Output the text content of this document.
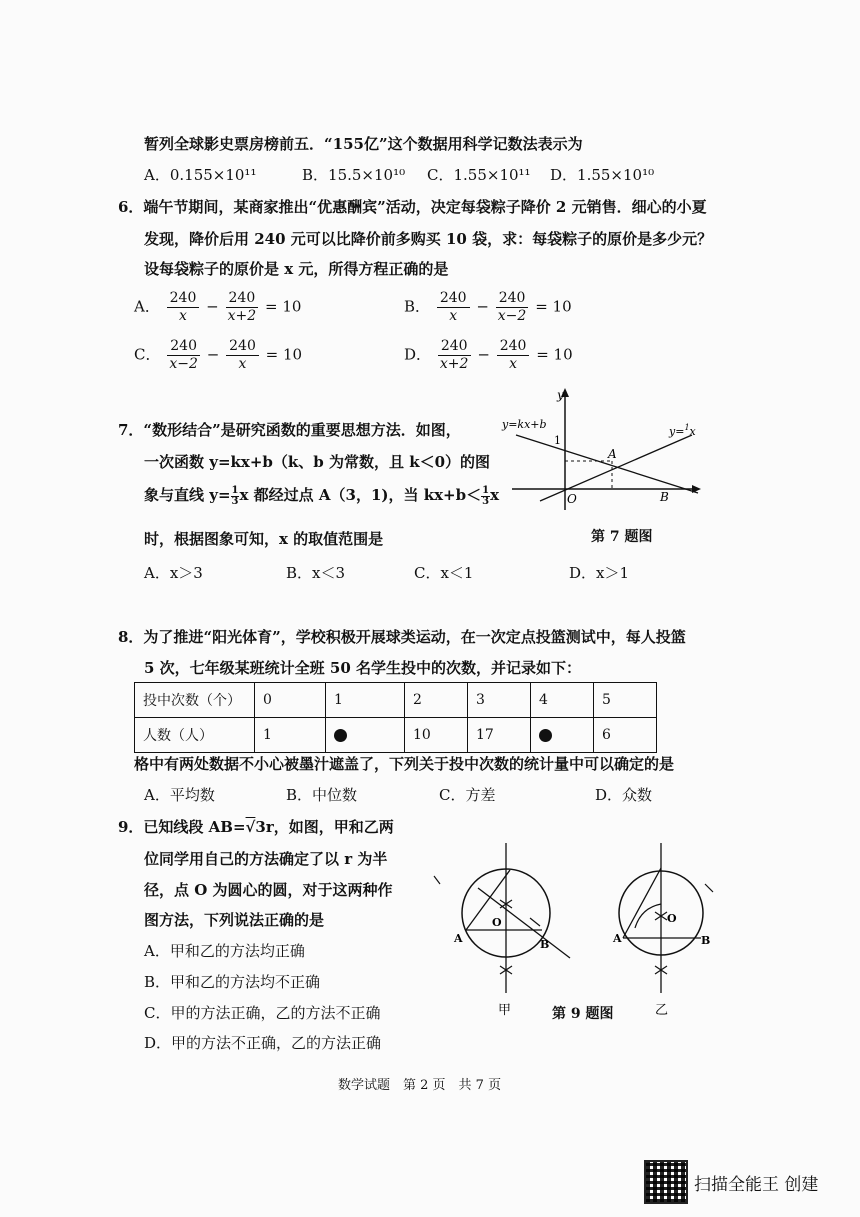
暂列全球影史票房榜前五．“155亿”这个数据用科学记数法表示为
A．0.155×10¹¹	B．15.5×10¹⁰ C．1.55×10¹¹ D．1.55×10¹⁰
6．端午节期间，某商家推出“优惠酬宾”活动，决定每袋粽子降价 2 元销售．细心的小夏
发现，降价后用 240 元可以比降价前多购买 10 袋，求：每袋粽子的原价是多少元？
设每袋粽子的原价是 x 元，所得方程正确的是
A． $\frac{240}{x} - \frac{240}{x+2} = 10$	B． $\frac{240}{x} - \frac{240}{x-2} = 10$
C． $\frac{240}{x-2} - \frac{240}{x} = 10$	D． $\frac{240}{x+2} - \frac{240}{x} = 10$
7．“数形结合”是研究函数的重要思想方法．如图，
一次函数 y=kx+b（k、b 为常数，且 k＜0）的图
象与直线 $y= \frac{1}{3}x$ 都经过点 A（3，1)，当 $kx+b< \frac{1}{3}x$
时，根据图象可知，x 的取值范围是
A．x＞3	B．x＜3	C．x＜1	D．x＞1
y
y=kx+b
y=$^1$x
1
A
O	B
第 7 题图
8．为了推进“阳光体育”，学校积极开展球类运动，在一次定点投篮测试中，每人投篮
5 次，七年级某班统计全班 50 名学生投中的次数，并记录如下：
投中次数（个）	0	1	2	3	4	5
人数（人）	1		10	17		6
格中有两处数据不小心被墨汁遮盖了，下列关于投中次数的统计量中可以确定的是
A．平均数	B．中位数	C．方差	D．众数
9．已知线段 AB=√3r，如图，甲和乙两
位同学用自己的方法确定了以 r 为半
径，点 O 为圆心的圆，对于这两种作
图方法，下列说法正确的是
A．甲和乙的方法均正确
B．甲和乙的方法均不正确
C．甲的方法正确，乙的方法不正确
D．甲的方法不正确，乙的方法正确
A
O
B
甲
A
O
B
乙
第 9 题图
数学试题　第 2 页　共 7 页
扫描全能王 创建
